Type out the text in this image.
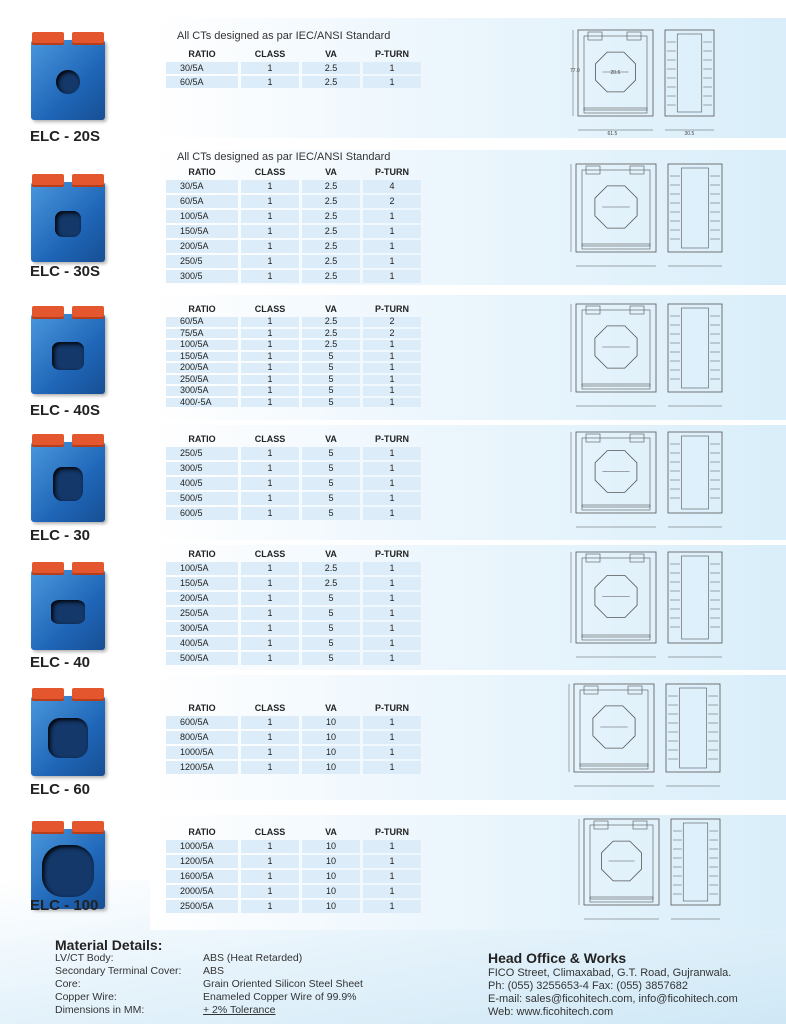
ELC - 20S
All CTs designed as par IEC/ANSI Standard
RATIO	CLASS	VA	P-TURN
30/5A	1	2.5	1
60/5A	1	2.5	1
20.6
61.5	30.5
77.0
ELC - 30S
All CTs designed as par IEC/ANSI Standard
RATIO	CLASS	VA	P-TURN
30/5A	1	2.5	4
60/5A	1	2.5	2
100/5A	1	2.5	1
150/5A	1	2.5	1
200/5A	1	2.5	1
250/5	1	2.5	1
300/5	1	2.5	1
ELC - 40S
RATIO	CLASS	VA	P-TURN
60/5A	1	2.5	2
75/5A	1	2.5	2
100/5A	1	2.5	1
150/5A	1	5	1
200/5A	1	5	1
250/5A	1	5	1
300/5A	1	5	1
400/-5A	1	5	1
ELC - 30
RATIO	CLASS	VA	P-TURN
250/5	1	5	1
300/5	1	5	1
400/5	1	5	1
500/5	1	5	1
600/5	1	5	1
ELC - 40
RATIO	CLASS	VA	P-TURN
100/5A	1	2.5	1
150/5A	1	2.5	1
200/5A	1	5	1
250/5A	1	5	1
300/5A	1	5	1
400/5A	1	5	1
500/5A	1	5	1
ELC - 60
RATIO	CLASS	VA	P-TURN
600/5A	1	10	1
800/5A	1	10	1
1000/5A	1	10	1
1200/5A	1	10	1
ELC - 100
RATIO	CLASS	VA	P-TURN
1000/5A	1	10	1
1200/5A	1	10	1
1600/5A	1	10	1
2000/5A	1	10	1
2500/5A	1	10	1
Material Details:
LV/CT Body:	ABS (Heat Retarded)
Secondary Terminal Cover: ABS
Core:	Grain Oriented Silicon Steel Sheet
Copper Wire:	Enameled Copper Wire of 99.9%
Dimensions in MM:	+ 2% Tolerance
Head Office & Works
FICO Street, Climaxabad, G.T. Road, Gujranwala.
Ph: (055) 3255653-4 Fax: (055) 3857682
E-mail: sales@ficohitech.com, info@ficohitech.com
Web: www.ficohitech.com
